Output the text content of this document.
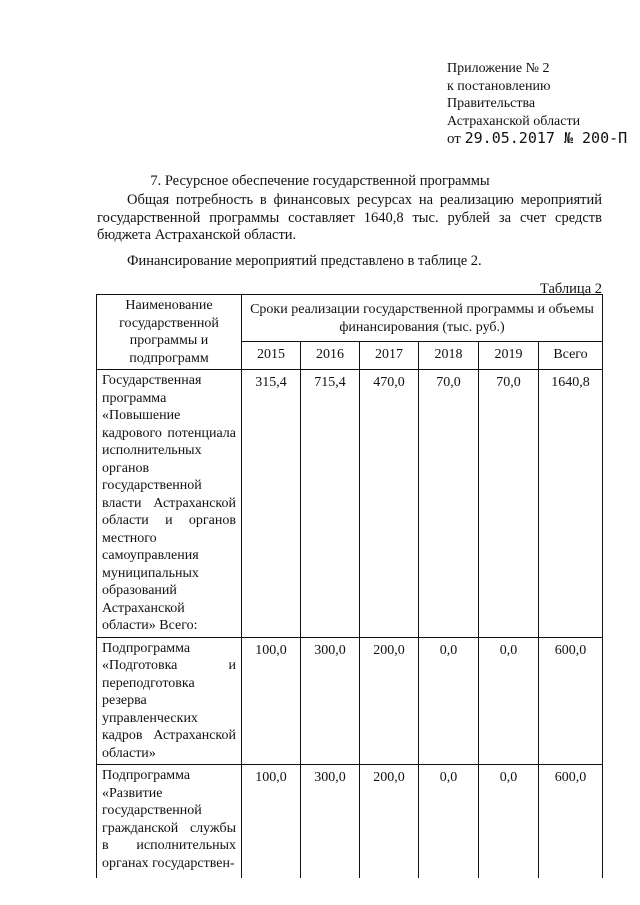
Приложение № 2
к постановлению
Правительства
Астраханской области
от 29.05.2017 № 200-П
7. Ресурсное обеспечение государственной программы

Общая потребность в финансовых ресурсах на реализацию мероприятий государственной программы составляет 1640,8 тыс. рублей за счет средств бюджета Астраханской области.

Финансирование мероприятий представлено в таблице 2.

Таблица 2
Наименование государственной программы и подпрограмм	Сроки реализации государственной программы и объемы финансирования (тыс. руб.)					
	2015	2016	2017	2018	2019	Всего
Государственная программа «Повышение кадрового потенциала исполнительных органов государственной власти Астраханской области и органов местного самоуправления муниципальных образований Астраханской области» Всего:	315,4	715,4	470,0	70,0	70,0	1640,8
Подпрограмма «Подготовка и переподготовка резерва управленческих кадров Астраханской области»	100,0	300,0	200,0	0,0	0,0	600,0
Подпрограмма «Развитие государственной гражданской службы в исполнительных органах государствен-	100,0	300,0	200,0	0,0	0,0	600,0
